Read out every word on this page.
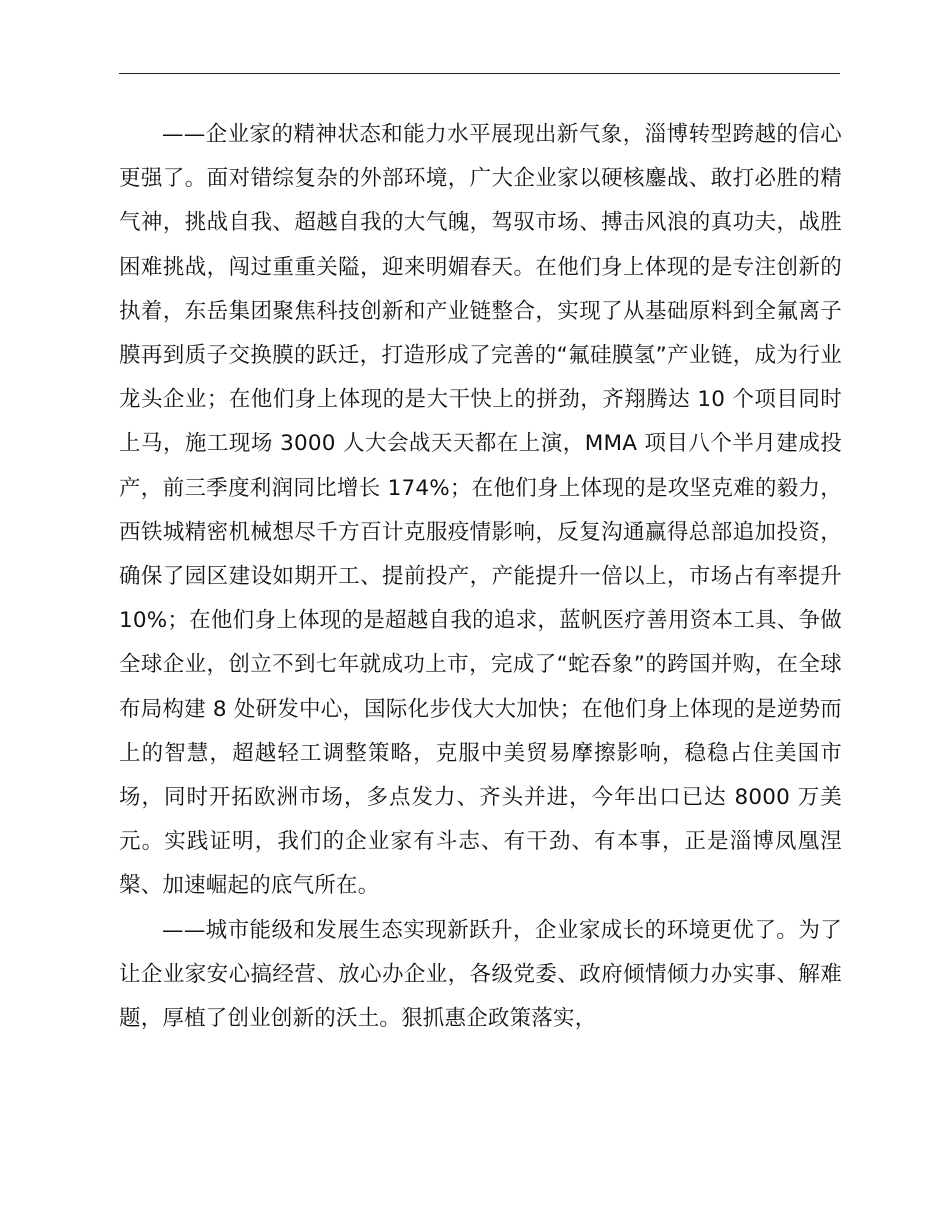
——企业家的精神状态和能力水平展现出新气象，淄博转型跨越的信心更强了。面对错综复杂的外部环境，广大企业家以硬核鏖战、敢打必胜的精气神，挑战自我、超越自我的大气魄，驾驭市场、搏击风浪的真功夫，战胜困难挑战，闯过重重关隘，迎来明媚春天。在他们身上体现的是专注创新的执着，东岳集团聚焦科技创新和产业链整合，实现了从基础原料到全氟离子膜再到质子交换膜的跃迁，打造形成了完善的“氟硅膜氢”产业链，成为行业龙头企业；在他们身上体现的是大干快上的拼劲，齐翔腾达 10 个项目同时上马，施工现场 3000 人大会战天天都在上演，MMA 项目八个半月建成投产，前三季度利润同比增长 174%；在他们身上体现的是攻坚克难的毅力，西铁城精密机械想尽千方百计克服疫情影响，反复沟通赢得总部追加投资，确保了园区建设如期开工、提前投产，产能提升一倍以上，市场占有率提升 10%；在他们身上体现的是超越自我的追求，蓝帆医疗善用资本工具、争做全球企业，创立不到七年就成功上市，完成了“蛇吞象”的跨国并购，在全球布局构建 8 处研发中心，国际化步伐大大加快；在他们身上体现的是逆势而上的智慧，超越轻工调整策略，克服中美贸易摩擦影响，稳稳占住美国市场，同时开拓欧洲市场，多点发力、齐头并进，今年出口已达 8000 万美元。实践证明，我们的企业家有斗志、有干劲、有本事，正是淄博凤凰涅槃、加速崛起的底气所在。

——城市能级和发展生态实现新跃升，企业家成长的环境更优了。为了让企业家安心搞经营、放心办企业，各级党委、政府倾情倾力办实事、解难题，厚植了创业创新的沃土。狠抓惠企政策落实，
